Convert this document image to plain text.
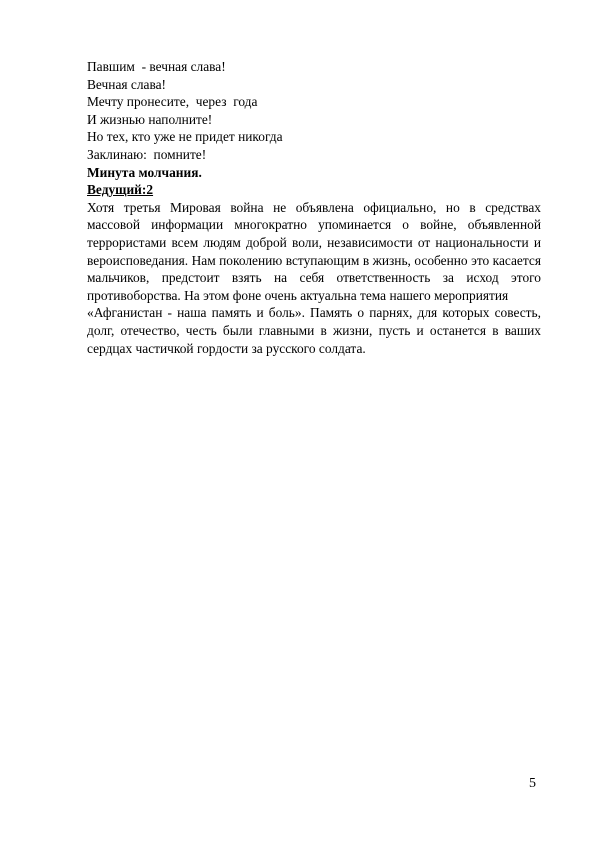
Павшим  - вечная слава!
Вечная слава!
Мечту пронесите,  через  года
И жизнью наполните!
Но тех, кто уже не придет никогда
Заклинаю:  помните!
Минута молчания.
Ведущий:2

Хотя третья Мировая война не объявлена официально, но в средствах массовой информации многократно упоминается о войне, объявленной террористами всем людям доброй воли, независимости от национальности и вероисповедания. Нам поколению вступающим в жизнь, особенно это касается мальчиков, предстоит взять на себя ответственность за исход этого противоборства. На этом фоне очень актуальна тема нашего мероприятия

«Афганистан - наша память и боль». Память о парнях, для которых совесть, долг, отечество, честь были главными в жизни, пусть и останется в ваших сердцах частичкой гордости за русского солдата.

5
